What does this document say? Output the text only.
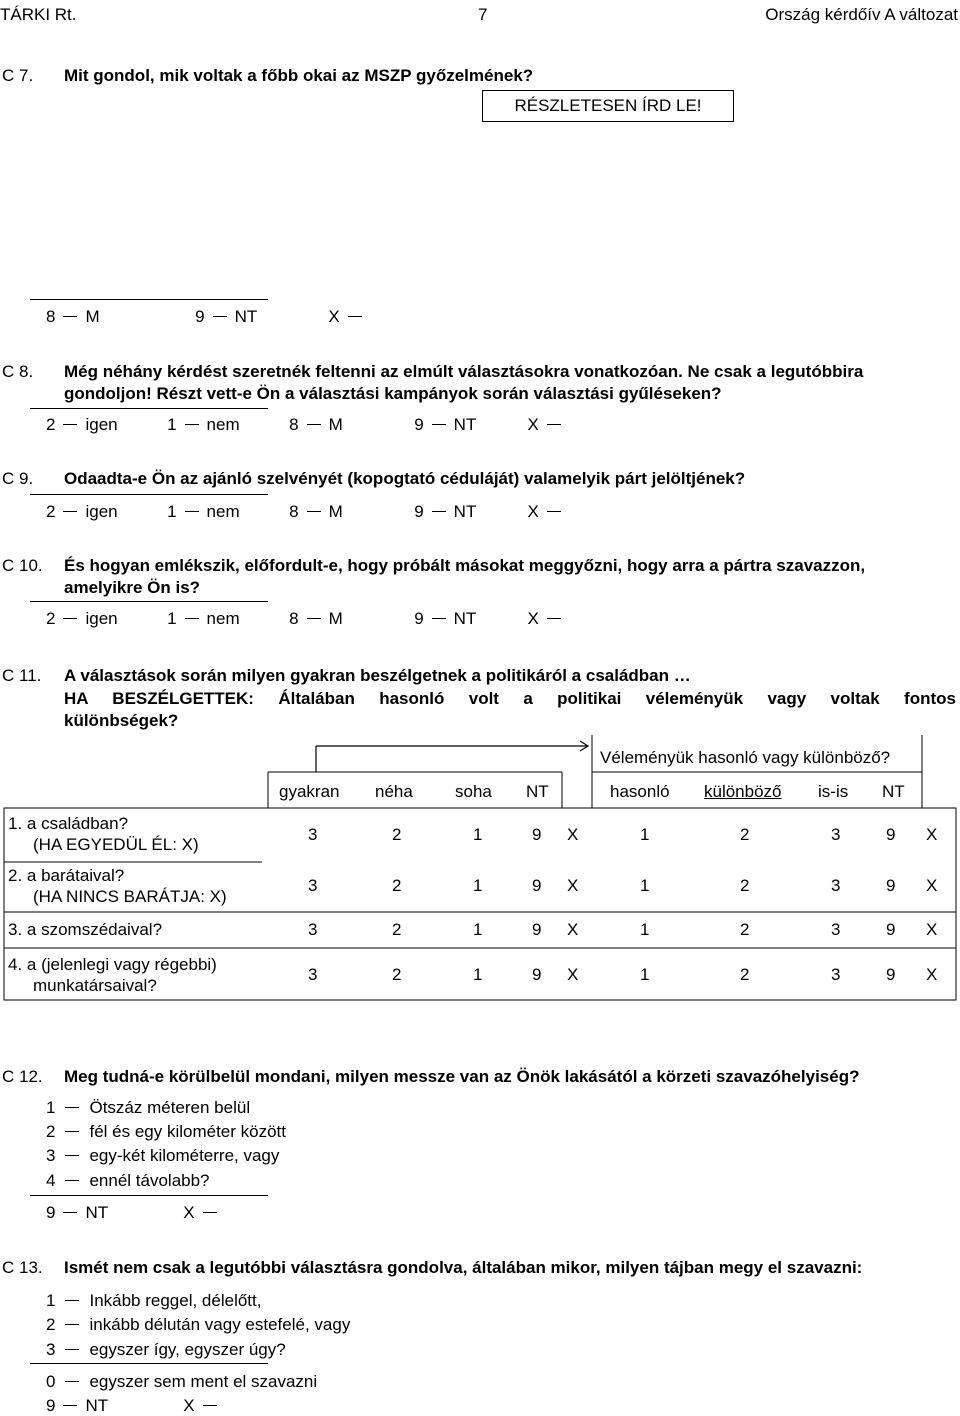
TÁRKI Rt.	7	Ország kérdőív A változat
C 7. Mit gondol, mik voltak a főbb okai az MSZP győzelmének?
RÉSZLETESEN ÍRD LE!
8 M	9 NT	X
C 8. Még néhány kérdést szeretnék feltenni az elmúlt választásokra vonatkozóan. Ne csak a legutóbbira
gondoljon! Részt vett-e Ön a választási kampányok során választási gyűléseken?
2 igen	1 nem	8 M	9 NT	X
C 9. Odaadta-e Ön az ajánló szelvényét (kopogtató céduláját) valamelyik párt jelöltjének?
2 igen	1 nem	8 M	9 NT	X
C 10. És hogyan emlékszik, előfordult-e, hogy próbált másokat meggyőzni, hogy arra a pártra szavazzon,
amelyikre Ön is?
2 igen	1 nem	8 M	9 NT	X
C 11. A választások során milyen gyakran beszélgetnek a politikáról a családban …
HA BESZÉLGETTEK: Általában hasonló volt a politikai véleményük vagy voltak fontos
különbségek?
Véleményük hasonló vagy különböző?
gyakran néha soha NT	hasonló különböző is-is NT
1. a családban?
(HA EGYEDÜL ÉL: X)
3	2	1	9 X	1	2	3	9 X
2. a barátaival?
(HA NINCS BARÁTJA: X)
3	2	1	9 X	1	2	3	9 X
3. a szomszédaival?	3	2	1	9 X	1	2	3	9 X
4. a (jelenlegi vagy régebbi)
munkatársaival?
3	2	1	9 X	1	2	3	9 X
C 12. Meg tudná-e körülbelül mondani, milyen messze van az Önök lakásától a körzeti szavazóhelyiség?
1 Ötszáz méteren belül
2 fél és egy kilométer között
3 egy-két kilométerre, vagy
4 ennél távolabb?
9 NT	X
C 13. Ismét nem csak a legutóbbi választásra gondolva, általában mikor, milyen tájban megy el szavazni:
1 Inkább reggel, délelőtt,
2 inkább délután vagy estefelé, vagy
3 egyszer így, egyszer úgy?
0 egyszer sem ment el szavazni
9 NT	X
